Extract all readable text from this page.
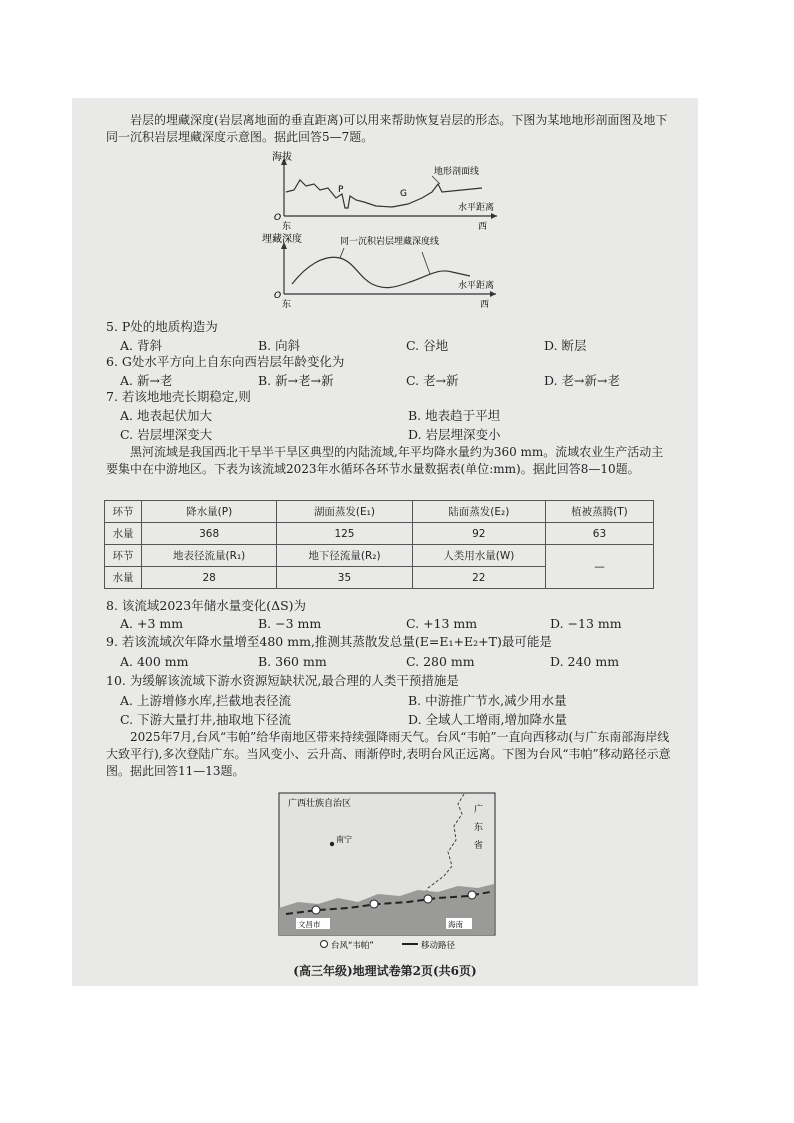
岩层的埋藏深度(岩层离地面的垂直距离)可以用来帮助恢复岩层的形态。下图为某地地形剖面图及地下同一沉积岩层埋藏深度示意图。据此回答5—7题。
海拔
地形剖面线
P	G
水平距离
O
东	西
埋藏深度	同一沉积岩层埋藏深度线
水平距离
O
东	西
5. P处的地质构造为
A. 背斜	B. 向斜	C. 谷地	D. 断层
6. G处水平方向上自东向西岩层年龄变化为
A. 新→老	B. 新→老→新	C. 老→新	D. 老→新→老
7. 若该地地壳长期稳定,则
A. 地表起伏加大	B. 地表趋于平坦
C. 岩层埋深变大	D. 岩层埋深变小
黑河流域是我国西北干旱半干旱区典型的内陆流域,年平均降水量约为360 mm。流域农业生产活动主要集中在中游地区。下表为该流域2023年水循环各环节水量数据表(单位:mm)。据此回答8—10题。
环节	降水量(P)	湖面蒸发(E₁)	陆面蒸发(E₂)	植被蒸腾(T)
水量	368	125	92	63
环节	地表径流量(R₁)	地下径流量(R₂)	人类用水量(W)	—
水量	28	35	22	
8. 该流域2023年储水量变化(ΔS)为
A. +3 mm	B. −3 mm	C. +13 mm	D. −13 mm
9. 若该流域次年降水量增至480 mm,推测其蒸散发总量(E=E₁+E₂+T)最可能是
A. 400 mm	B. 360 mm	C. 280 mm	D. 240 mm
10. 为缓解该流域下游水资源短缺状况,最合理的人类干预措施是
A. 上游增修水库,拦截地表径流	B. 中游推广节水,减少用水量
C. 下游大量打井,抽取地下径流	D. 全域人工增雨,增加降水量
2025年7月,台风“韦帕”给华南地区带来持续强降雨天气。台风“韦帕”一直向西移动(与广东南部海岸线大致平行),多次登陆广东。当风变小、云升高、雨渐停时,表明台风正远离。下图为台风“韦帕”移动路径示意图。据此回答11—13题。
广西壮族自治区
广
东
省
南宁
文昌市	海南
台风“韦帕”	移动路径
(高三年级)地理试卷第2页(共6页)
